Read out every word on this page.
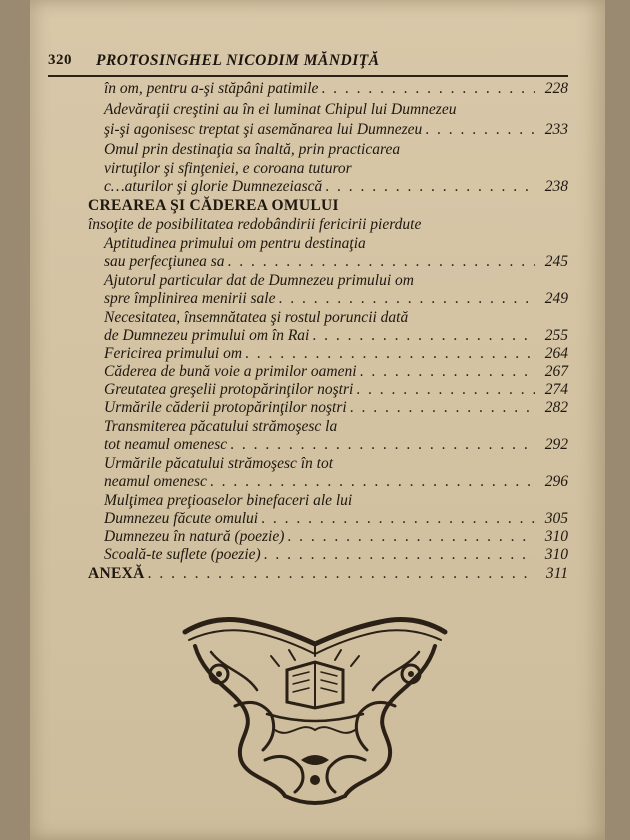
320 PROTOSINGHEL NICODIM MĂNDIŢĂ
în om, pentru a-şi stăpâni patimile . . .	228
Adevăraţii creştini au în ei luminat Chipul lui Dumnezeu
şi-şi agonisesc treptat şi asemănarea lui Dumnezeu . . .	233
Omul prin destinaţia sa înaltă, prin practicarea
virtuţilor şi sfinţeniei, e coroana tuturor
c…aturilor şi glorie Dumnezeiască . . .	238
CREAREA ŞI CĂDEREA OMULUI
însoţite de posibilitatea redobândirii fericirii pierdute
Aptitudinea primului om pentru destinaţia
sau perfecţiunea sa . . .	245
Ajutorul particular dat de Dumnezeu primului om
spre împlinirea menirii sale . . .	249
Necesitatea, însemnătatea şi rostul poruncii dată
de Dumnezeu primului om în Rai . . .	255
Fericirea primului om . . .	264
Căderea de bună voie a primilor oameni . . .	267
Greutatea greşelii protopărinţilor noştri . . .	274
Urmările căderii protopărinţilor noştri . . .	282
Transmiterea păcatului strămoşesc la
tot neamul omenesc . . .	292
Urmările păcatului strămoşesc în tot
neamul omenesc . . .	296
Mulţimea preţioaselor binefaceri ale lui
Dumnezeu făcute omului . . .	305
Dumnezeu în natură (poezie) . . .	310
Scoală-te suflete (poezie) . . .	310
ANEXĂ . . .	311
